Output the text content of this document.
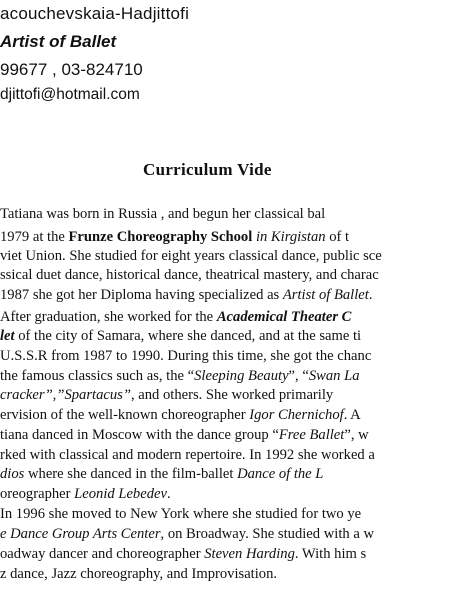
acouchevskaia-Hadjittofi
Artist of Ballet
99677 , 03-824710
djittofi@hotmail.com
Curriculum Vide
Tatiana was born in Russia , and begun her classical bal
1979 at the Frunze Choreography School in Kirgistan of t
viet Union. She studied for eight years classical dance, public sce
ssical duet dance, historical dance, theatrical mastery, and charac
1987 she got her Diploma having specialized as Artist of Ballet.
After graduation, she worked for the Academical Theater C
let of the city of Samara, where she danced, and at the same ti
U.S.S.R from 1987 to 1990. During this time, she got the chanc
the famous classics such as, the “Sleeping Beauty”, “Swan La
cracker”,”Spartacus”, and others. She worked primarily
ervision of the well-known choreographer Igor Chernichof. A
tiana danced in Moscow with the dance group “Free Ballet”, w
rked with classical and modern repertoire. In 1992 she worked a
dios where she danced in the film-ballet Dance of the L
oreographer Leonid Lebedev.
In 1996 she moved to New York where she studied for two ye
e Dance Group Arts Center, on Broadway. She studied with a w
oadway dancer and choreographer Steven Harding. With him s
z dance, Jazz choreography, and Improvisation.
